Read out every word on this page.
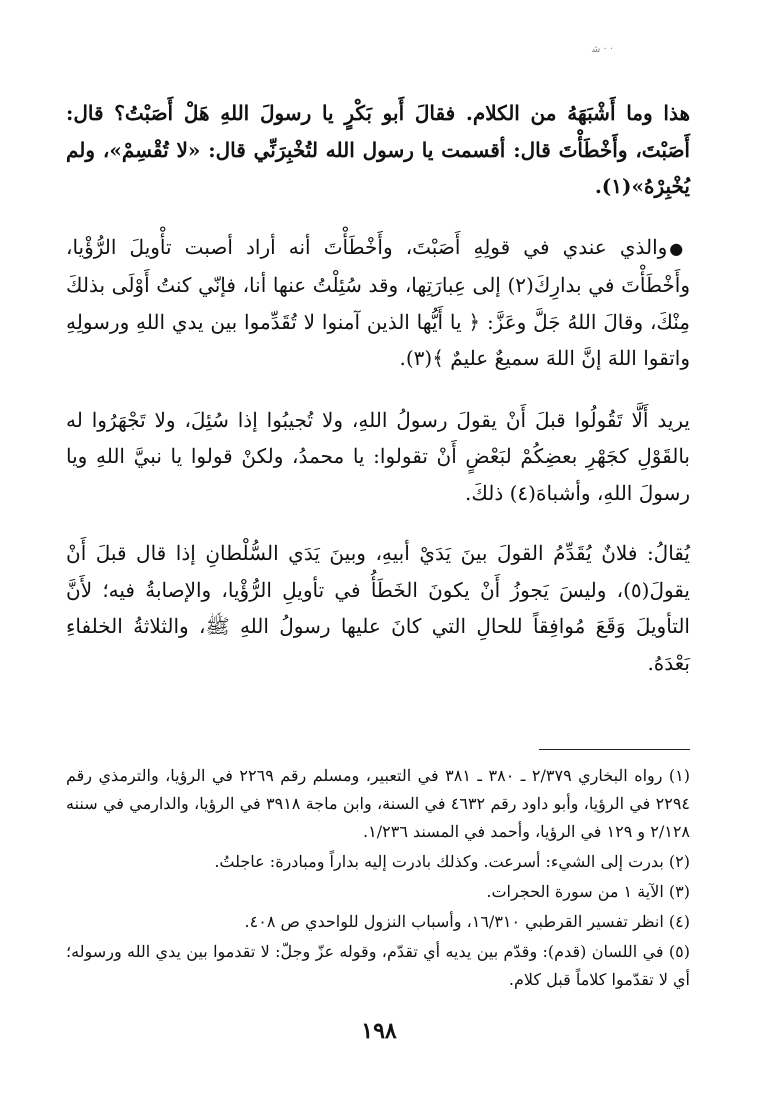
ﺷ · ·

هذا وما أَشْبَهَهُ من الكلام. فقالَ أَبو بَكْرٍ يا رسولَ اللهِ هَلْ أَصَبْتُ؟ قال: أَصَبْتَ، وأَخْطَأْتَ قال: أقسمت يا رسول الله لتُخْبِرَنِّي قال: «لا تُقْسِمْ»، ولم يُخْبِرْهُ»(١).

●والذي عندي في قولِهِ أَصَبْتَ، وأَخْطَأْتَ أنه أراد أصبت تأْويلَ الرُّؤْيا، وأَخْطَأْتَ في بدارِكَ(٢) إلى عِبارَتِها، وقد سُئِلْتُ عنها أنا، فإنّي كنتُ أَوْلَى بذلكَ مِنْكَ، وقالَ اللهُ جَلَّ وعَزَّ: ﴿ يا أَيُّها الذين آمنوا لا تُقَدِّموا بين يدي اللهِ ورسولِهِ واتقوا اللهَ إنَّ اللهَ سميعٌ عليمٌ ﴾(٣).

يريد أَلَّا تَقُولُوا قبلَ أَنْ يقولَ رسولُ اللهِ، ولا تُجيبُوا إذا سُئِلَ، ولا تَجْهَرُوا له بالقَوْلِ كجَهْرِ بعضِكُمْ لبَعْضٍ أَنْ تقولوا: يا محمدُ، ولكنْ قولوا يا نبيَّ اللهِ ويا رسولَ اللهِ، وأشباهَ(٤) ذلكَ.

يُقالُ: فلانٌ يُقَدِّمُ القولَ بينَ يَدَيْ أبيهِ، وبينَ يَدَي السُّلْطانِ إذا قال قبلَ أَنْ يقولَ(٥)، وليسَ يَجوزُ أَنْ يكونَ الخَطَأُ في تأويلِ الرُّؤْيا، والإصابةُ فيه؛ لأَنَّ التأويلَ وَقَعَ مُوافِقاً للحالِ التي كانَ عليها رسولُ اللهِ ﷺ، والثلاثةُ الخلفاءِ بَعْدَهُ.

(١) رواه البخاري ٢/٣٧٩ ـ ٣٨٠ ـ ٣٨١ في التعبير، ومسلم رقم ٢٢٦٩ في الرؤيا، والترمذي رقم ٢٢٩٤ في الرؤيا، وأبو داود رقم ٤٦٣٢ في السنة، وابن ماجة ٣٩١٨ في الرؤيا، والدارمي في سننه ٢/١٢٨ و ١٢٩ في الرؤيا، وأحمد في المسند ١/٢٣٦.

(٢) بدرت إلى الشيء: أسرعت. وكذلك بادرت إليه بداراً ومبادرة: عاجلتُ.

(٣) الآية ١ من سورة الحجرات.

(٤) انظر تفسير القرطبي ١٦/٣١٠، وأسباب النزول للواحدي ص ٤٠٨.

(٥) في اللسان (قدم): وقدّم بين يديه أي تقدّم، وقوله عزّ وجلّ: لا تقدموا بين يدي الله ورسوله؛ أي لا تقدّموا كلاماً قبل كلام.

١٩٨
